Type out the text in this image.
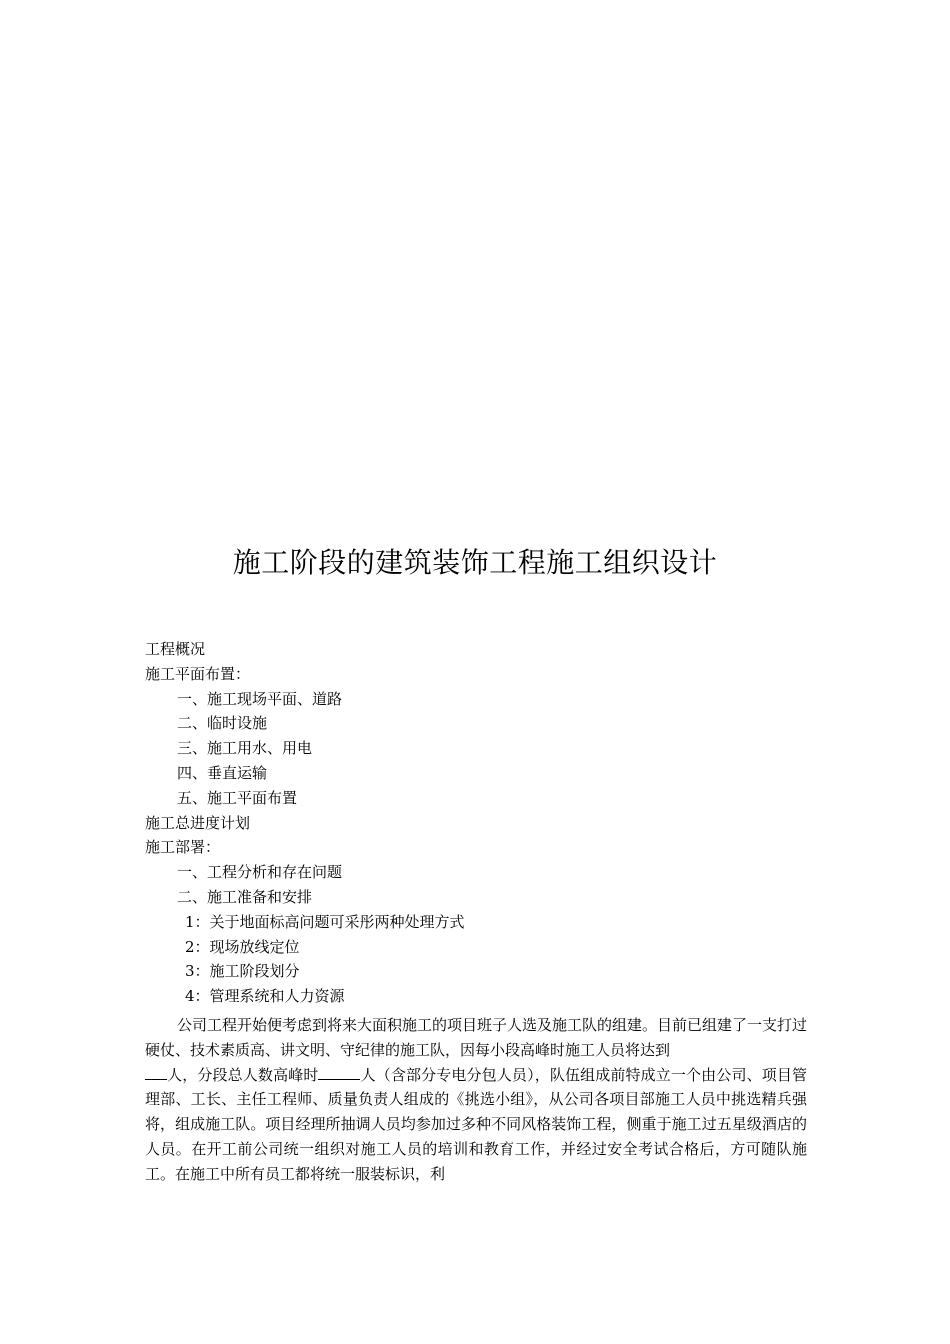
施工阶段的建筑装饰工程施工组织设计
工程概况
施工平面布置：
一、施工现场平面、道路
二、临时设施
三、施工用水、用电
四、垂直运输
五、施工平面布置
施工总进度计划
施工部署：
一、工程分析和存在问题
二、施工准备和安排
1：关于地面标高问题可采彤两种处理方式
2：现场放线定位
3：施工阶段划分
4：管理系统和人力资源
公司工程开始便考虑到将来大面积施工的项目班子人选及施工队的组建。目前已组建了一支打过硬仗、技术素质高、讲文明、守纪律的施工队，因每小段高峰时施工人员将达到
人，分段总人数高峰时	人（含部分专电分包人员），队伍组成前特成立一个由公司、项目管理部、工长、主任工程师、质量负责人组成的《挑选小组》，从公司各项目部施工人员中挑选精兵强将，组成施工队。项目经理所抽调人员均参加过多种不同风格装饰工程，侧重于施工过五星级酒店的人员。在开工前公司统一组织对施工人员的培训和教育工作，并经过安全考试合格后，方可随队施工。在施工中所有员工都将统一服装标识，利
